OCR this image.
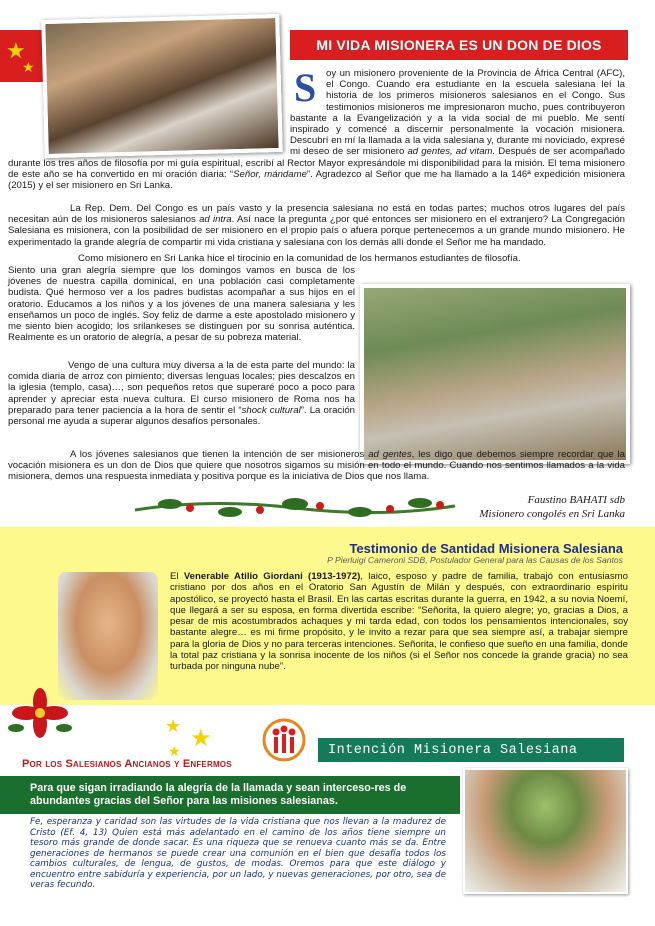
★
★
MI VIDA MISIONERA ES UN DON DE DIOS
S	oy un misionero proveniente de la Provincia de África Central (AFC), el Congo. Cuando era estudiante en la escuela salesiana leí la historia de los primeros misioneros salesianos en el Congo. Sus testimonios misioneros me impresionaron mucho, pues contribuyeron bastante a la Evangelización y a la vida social de mi pueblo. Me sentí inspirado y comencé a discernir personalmente la vocación misionera. Descubrí en mí la llamada a la vida salesiana y, durante mi noviciado, expresé mi deseo de ser misionero ad gentes, ad vitam. Después de ser acompañado durante los tres años de filosofía por mi guía espiritual, escribí al Rector Mayor expresándole mi disponibilidad para la misión. El tema misionero de este año se ha convertido en mi oración diaria: “Señor, mándame”. Agradezco al Señor que me ha llamado a la 146ª expedición misionera (2015) y el ser misionero en Sri Lanka.
La Rep. Dem. Del Congo es un país vasto y la presencia salesiana no está en todas partes; muchos otros lugares del país necesitan aún de los misioneros salesianos ad intra. Así nace la pregunta ¿por qué entonces ser misionero en el extranjero? La Congregación Salesiana es misionera, con la posibilidad de ser misionero en el propio país o afuera porque pertenecemos a un grande mundo misionero. He experimentado la grande alegría de compartir mi vida cristiana y salesiana con los demás allí donde el Señor me ha mandado.
Como misionero en Sri Lanka hice el tirocinio en la comunidad de los hermanos estudiantes de filosofía.
Siento una gran alegría siempre que los domingos vamos en busca de los jóvenes de nuestra capilla dominical, en una población casi completamente budista. Qué hermoso ver a los padres budistas acompañar a sus hijos en el oratorio. Educamos a los niños y a los jóvenes de una manera salesiana y les enseñamos un poco de inglés. Soy feliz de darme a este apostolado misionero y me siento bien acogido; los srilankeses se distinguen por su sonrisa auténtica. Realmente es un oratorio de alegría, a pesar de su pobreza material.
Vengo de una cultura muy diversa a la de esta parte del mundo: la comida diaria de arroz con pimiento; diversas lenguas locales; pies descalzos en la iglesia (templo, casa)…, son pequeños retos que superaré poco a poco para aprender y apreciar esta nueva cultura. El curso misionero de Roma nos ha preparado para tener paciencia a la hora de sentir el “shock cultural”. La oración personal me ayuda a superar algunos desafíos personales.
A los jóvenes salesianos que tienen la intención de ser misioneros ad gentes, les digo que debemos siempre recordar que la vocación misionera es un don de Dios que quiere que nosotros sigamos su misión en todo el mundo. Cuando nos sentimos llamados a la vida misionera, demos una respuesta inmediata y positiva porque es la iniciativa de Dios que nos llama.
Faustino BAHATI sdb
Misionero congolés en Sri Lanka
Testimonio de Santidad Misionera Salesiana
P Pierluigi Cameroni SDB, Postulador General para las Causas de los Santos
El Venerable Atilio Giordani (1913-1972), laico, esposo y padre de familia, trabajó con entusiasmo cristiano por dos años en el Oratorio San Agustín de Milán y después, con extraordinario espíritu apostólico, se proyectó hasta el Brasil. En las cartas escritas durante la guerra, en 1942, a su novia Noemí, que llegará a ser su esposa, en forma divertida escribe: “Señorita, la quiero alegre; yo, gracias a Dios, a pesar de mis acostumbrados achaques y mi tarda edad, con todos los pensamientos intencionales, soy bastante alegre… es mi firme propósito, y le invito a rezar para que sea siempre así, a trabajar siempre para la gloria de Dios y no para terceras intenciones. Señorita, le confieso que sueño en una familia, donde la total paz cristiana y la sonrisa inocente de los niños (si el Señor nos concede la grande gracia) no sea turbada por ninguna nube”.
★ ★
★
Por los Salesianos Ancianos y Enfermos
Intención Misionera Salesiana
Para que sigan irradiando la alegría de la llamada y sean interceso-res de abundantes gracias del Señor para las misiones salesianas.
Fe, esperanza y caridad son las virtudes de la vida cristiana que nos llevan a la madurez de Cristo (Ef. 4, 13) Quien está más adelantado en el camino de los años tiene siempre un tesoro más grande de donde sacar. Es una riqueza que se renueva cuanto más se da. Entre generaciones de hermanos se puede crear una comunión en el bien que desafía todos los cambios culturales, de lengua, de gustos, de modas. Oremos para que este diálogo y encuentro entre sabiduría y experiencia, por un lado, y nuevas generaciones, por otro, sea de veras fecundo.
